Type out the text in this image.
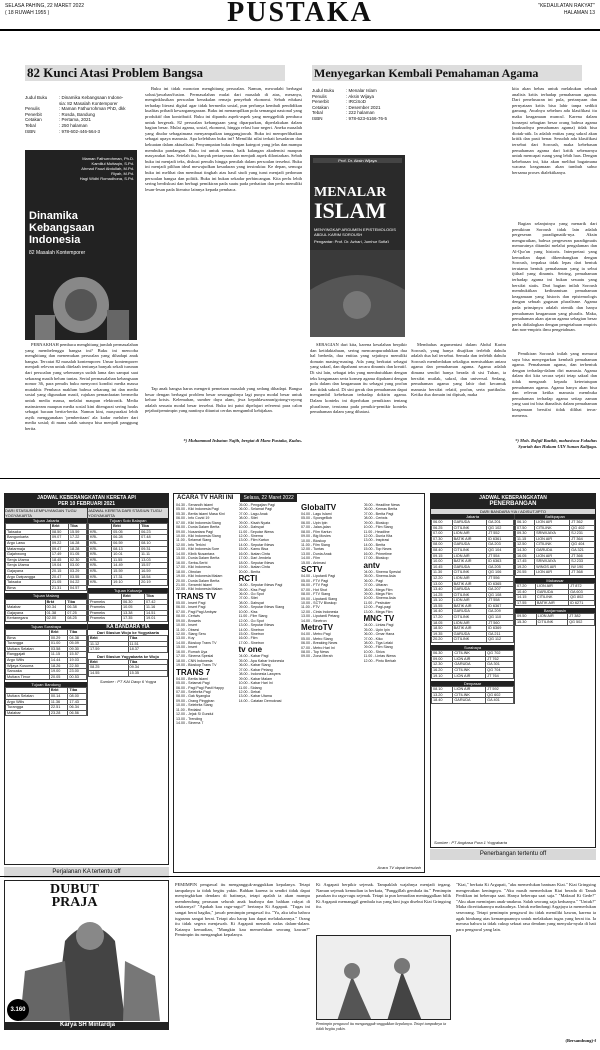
SELASA PAHING, 22 MARET 2022
( 18 RUWAH 1955 )	PUSTAKA	"KEDAULATAN RAKYAT"
HALAMAN 13
82 Kunci Atasi Problem Bangsa
Judul Buku	: Dinamika Kebangsaan Indone-
sia: 82 Masalah Kontemporer
Penulis	: Maman Fathurrohman PhD, dkk
Penerbit	: Rosda, Bandung
Cetakan	: Pertama, 2021
Tebal	: 250 halaman
ISBN	: 978-602-446-564-3
Maman Fathurrohman, Ph.D.
Kamillul Muttaqin, S.Pd.
Ahmad Fauzi Abdullah, M.Pd.
Riyah, M.Pd.
Hagi Widhi Romadhona, S.Pd.
Dinamika
Kebangsaan
Indonesia
82 Masalah Kontemporer
PERNAKHAH pembaca menghitung jumlah permasalahan yang membelenggu bangsa ini? Buku ini mencoba menghitung dan menemukan persoalan yang dihadapi anak bangsa. Tercatat 82 masalah kontemporer. Unsur kontemporer menjadi relevan untuk ditelaah tentunya banyak sekali turunan dari persoalan yang sebenarnya sudah lama dan sampai saat sekarang masih belum tuntas. Serial permasalahan kebangsaan nomor 36, para penulis buku menyorot kondisi media massa mutakhir. Pembaca maklum bahwa sekarang ini dan media sosial yang digunakan masif, rujukan pemanfaatan bermedia untuk media massa, melalui maupun elektronik. Media mainstream maupun media sosial kini ditengarai sering hoaks sebagai bacaan berita-berita. Namun kini, masyarakat lebih asyik menggunakan 'pemberitaan' ala kadar meluber dari media sosial; di mana salah satunya bisa menjadi panggung berita.
Buku ini tidak monoton menghitung persoalan. Namun, mewadahi berbagai solusi/jawaban/fusion. Permasalahan mulai dari masalah di atas, mesanya, menginklusikan persoalan kenakalan remaja penyebab ekonomi. Sebab edukasi terhadap literasi digital agar tidak bermedia sosial, pun perlunya kembali pendidikan kualitas pribadi kewarganegaraan. Buku ini menampilkan pola semangat nasional yang produktif dan kontributif. Buku ini dipandu aspek-aspek yang menggelitik pembaca untuk bergerak. 82 persoalan kebangsaan yang diparparkan, diperlakukan dalam bagian besar. Mulai agama, sosial, ekonomi, hingga relasi luar negeri. Aneka masalah yang diudar sebagaimana menyampaikan tanggungjawab. Buku ini memperlihatkan sebagai upaya manusia. Apa kelebihan buku ini? Memiliki nilai terkait kesadaran dan kekuatan dalam aktualisasi. Penyampaian buku dengan kategori yang jelas dan mampu membuka pandangan. Buku ini untuk semua, baik kalangan akademisi maupun masyarakat luas. Setelah itu, banyak pertanyaan dan menjadi aspek dilontarkan. Sebab buku ini menjadi teks, diskusi penulis hingga pemilah dalam persoalan tersebut. Buku ini menjadi pilihan ideal mewujudkan kesadaran yang terstruktur. Ke depan, semoga buku ini melihat dan membuat tingkah atas hasil studi yang turut menjadi pedoman persoalan bangsa dan politik. Buku ini bukan sekadar perbincangan. Kita perlu lebih sering berdiskusi dan berbagi pemikiran pada suatu pada perhatian dan perlu memiliki lesan-lesan pada literatur lainnya kepada pembaca.
Tap anak bangsa harus mengerti pemetaan masalah yang sedang dihadapi. Bangsa besar dengan berbagai problem besar sesungguhnya lagi punya modal besar untuk keluar krisis. Kelemahan, sumber daya alam, jiwa kepahlawanan/gotong-royong adalah sesuatu modal besar tersebut. Buku ini patut dipelajari referensi para calon pejabat/pemimpin yang nantinya dituntut cerdas mengambil kebijakan.
*) Muhammad Itsbatun Najih, bergiat di Mara Pustaka, Kudus.
Menyegarkan Kembali Pemahaman Agama
Judul Buku	: Menalar Islam
Penulis	: Aksin Wijaya
Penerbit	: IRCiSoD
Cetakan	: Desember 2021
Tebal	: 222 halaman
ISBN	: 978-623-6166-76-5
Prof. Dr. Aksin Wijaya
MENALAR
ISLAM
MENYINGKAP ARGUMEN EPISTEMOLOGIS ABDUL KARIM SOROUSH
Pengantar: Prof. Dr. Azhari, Jumhur Sofia'i
SEBAGIAN dari kita, karena kesalahan berpikir dan ketidaktahuan, sering mencampuradukkan dua hal berbeda, dua entitas yang sejatinya memiliki domain masing-masing. Ada yang berkutat sebagai yang sakral, dan dipahami secara dinamis dan kreatif. Di sisi lain, sebagai teks yang membutuhkan dengan teks keagamaan serta konsep agama dipahami dengan pola dalam dan keagamaan itu sebagai yang profan dan tidak sakral. Di sini gerak dan pemahaman dapat mengambil kebebasan terhadap doktrin agama. Dalam konteks ini diperlukan pemikiran tentang pluralisme, terutama pada pemikir-pemikir konteks pemahaman dalam yang dibatasi.
Membahas argumentasi dalam Abdul Karim Soroush, yang hanya disajikan terlebih dahulu adalah dua hal tersebut. Semula dan terlebih dahulu Soroush membedakan sekaligus memisahkan antara agama dan pemahaman agama. Agama adalah dimana sendiri hanya berada di sisi Tuhan, ia bersifat mutlak, sakral, dan universal. Sedang, pemahaman agama yang lahir dari kecamuk manusia bersifat relatif, profan, serta partikular. Ketika dua domain ini dipisah, maka
kita akan bebas untuk melakukan sebuah analisis kritis terhadap pemahaman agama. Dari penelusuran ini pula, pertanyaan dan pernyataan kritis bisa lahir tanpa sedikit gamang. Awalnya sebelum ada klasifikasi itu maka keagamaan muncul. Karena dalam konsepsi sebagian besar orang bahwa agama (maksudnya pemahaman agama) tidak bisa diotak-atik. Ia adalah entitas yang sakral akan kritik dan pasti benar. Sesudah ada klasifikasi tersebut dari Soroush, maka kebebasan pemahaman agama dari kritik sebenarnya untuk mencapai ruang yang lebih luas. Dengan kebebasan ini, kita akan melihat bagaimana wacana keagamaan akan tumbuh subur bersama proses dialektikanya.
Bagian selanjutnya yang menarik dari pemikiran Soroush tidak lain adalah pergeseran paradigmatik-nya. Aksin menguraikan, bahwa pergeseran paradigmatis menurutnya ditandai melalui pengalaman dan Al-Qur'an yang historis. Interpretasi yang kemudian dapat dikembangkan dengan Soroush, terpaksa tidak lepas dari bentuk terutama bentuk pemahaman yang ia sebut ijtihad yang dinamis. Seiring, pemahaman terhadap agama ini bukan sesuatu yang bersifat statis. Dari bagian inilah Soroush membuktikan kedinamisan pemahaman keagamaan yang historis dan epistemologis dengan sebuah gagasan pluralisme. Agama pada prinsipnya adalah otentik dan hanya pemahaman keagamaan yang pluralis. Maka, pemahaman akan ajaran agama sebagian besar perlu didialogkan dengan pengetahuan empiris dan non-empiris ilmu pengetahuan.
Pemikiran Soroush inilah yang menurut saya bisa menyegarkan kembali pemahaman agama. Pemahaman agama, dan terbentuk dengan terhadap-dalam diri manusia. Agama dalam diri kita secara sejati tetap sakral dan tidak mengarah kepada ketertutupan pemahaman agama. Agama hanya akan bisa dan relevan ketika manusia membuka pemahaman terhadap agama setiap zaman yang saat ini bisa dianalisis dalam pemahaman keagamaan bersifat tidak dilihat terus-menerus.
*) Moh. Rofqil Bazikh, mahasiswa Fakultas Syariah dan Hukum UIN Sunan Kalijaga.
JADWAL KEBERANGKATAN KERETA API
PER 10 FEBRUARI 2021
DARI STASIUN LEMPUYANGAN TUGU YOGYAKARTA
JADWAL KERETA DARI STASIUN TUGU YOGYAKARTA
Tujuan Jakarta
	Brkt	Tiba
Taksaka	08.50	15.59
Bangunkarta	09.07	17.22
Argo Lawu	09.22	16.28
Matarmaja	09.47	18.28
Gajahwong	17.49	01.05
Senja Utama	18.45	02.30
Senja Utama	19.04	03.00
Gajayana	20.15	03.29
Argo Dwipangga	20.47	03.55
Taksaka	21.05	04.22
Bima	21.31	04.57
Tujuan Malang
	Brkt	Tiba
Malabar	00.34	06.38
Gajayana	01.38	07.25
Kertanegara	02.00	08.25
Tujuan Surabaya
	Brkt	Tiba
Bima	00.29	04.38
Turangga	01.00	05.09
Mutiara Selatan	03.58	09.30
Ranggajati	11.15	15.57
Argo Wilis	14.44	19.03
Wijaya Kusuma	18.26	22.50
Sancaka	19.00	23.00
Mutiara Timur	20.05	00.53
Tujuan Bandung
	Brkt	Tiba
Mutiara Selatan	00.14	08.00
Argo Wilis	11.36	17.43
Turangga	22.51	06.34
Malabar	23.28	06.56
Tujuan Solo Balapan
	Brkt	Tiba
KRL	05.05	06.23
KRL	06.28	07.48
KRL	06.59	08.10
KRL	08.13	09.31
KRL	10.01	11.11
KRL	11.55	13.03
KRL	14.49	15.57
KRL	15.59	16.59
KRL	17.31	18.54
KRL	19.10	20.19
Tujuan Kutoarjo
	Brkt	Tiba
Prameks	06.30	07.42
Prameks	10.05	11.16
Prameks	13.38	14.51
Prameks	17.35	19.01
KA BANDARA YIA
Dari Stasiun Wojo ke Yogyakarta
Brkt	Tiba
11.12	11.51
17.59	18.37
Dari Stasiun Yogyakarta ke Wojo
Brkt	Tiba
08.25	09.34
14.55	15.35
Sumber : PT KAI Daop 6 Yogya
Perjalanan KA tertentu off
ACARA TV HARI INI	Selasa, 22 Maret 2022

04.30 - Senandh Islami

05.00 - Kiki Indonesia Pagi

05.30 - Berita Islami Masa Kini

06.00 - Info Covid 19

07.00 - Kiki Indonesia Siang

08.00 - Dunia Dalam Berita

09.00 - Nusantara Pagi

10.00 - Kiki Indonesia Siang

11.00 - Selamat Siang

12.00 - Info Terkini

13.00 - Kiki Indonesia Sore

14.00 - Klinik Nusantara

15.00 - Dunia Dalam Berita

16.00 - Serba-Serbi

17.00 - Kiki Indonesia

18.00 - Obrolan

19.00 - Kiki Indonesia Malam

20.00 - Dunia Dalam Berita

21.00 - Serambi Islami

22.00 - Kiki Indonesia Malam

TRANS TV

05.00 - Insert Pagi

06.00 - Insert Pagi

07.00 - Pagi Pagi Ambyar

08.00 - Ceriwis

09.00 - Brownis

10.00 - Insert

11.00 - Obsesi

12.00 - Siang Seru

13.00 - Kuy

14.00 - Bioskop Trans TV

15.00 - Insert

16.00 - Rumah Uya

17.00 - Sinema Spesial

18.00 - CNN Indonesia

19.00 - Bioskop Trans TV

TRANS 7

04.00 - Berita Islami

05.00 - Selamat Pagi

06.00 - Pagi Pagi Pasti Happy

07.00 - Selebrita Pagi

08.00 - Gak Nyangka

09.00 - Orang Pinggiran

10.00 - Selebrita Siang

11.00 - Redaksi

12.00 - Jejak Si Gundul

13.00 - Trending

14.00 - Sinema 7

05.00 - Pengajian Pagi

06.00 - Selamat Pagi

07.00 - Lagu Anak

08.00 - Silet

09.00 - Kisah Nyata

10.00 - Dahsyat

11.00 - Seputar iNews

12.00 - Sinema

13.00 - Film Kartun

14.00 - Seputar iNews

15.00 - Kamu Bisa

16.00 - Ikatan Cinta

17.00 - Dari Jendela

18.00 - Seputar iNews

19.00 - Ikatan Cinta

20.00 - Berita

RCTI

04.00 - Seputar iNews Pagi

05.00 - Kiss Pagi

06.00 - Go Spot

07.00 - Silet

08.00 - Dahsyat

09.00 - Seputar iNews Siang

10.00 - Kiss

11.00 - Film Siang

12.00 - Go Spot

13.00 - Seputar iNews

14.00 - Sinetron

15.00 - Sinetron

16.00 - Film

17.00 - Sinetron

tv one

04.00 - Kabar Pagi

05.00 - Apa Kabar Indonesia

06.00 - Kabar Siang

07.00 - Kabar Petang

08.00 - Indonesia Lawyers

09.00 - Kabar Malam

10.00 - Kabar Hari Ini

11.00 - Sidang

12.00 - Debat

13.00 - Kabar Utama

14.00 - Catatan Demokrasi

GlobalTV

04.00 - Lagu Islami

05.00 - SpongeBob

06.00 - Upin Ipin

07.00 - Jalan-jalan

08.00 - Film Kartun

09.00 - Big Movies

10.00 - Bioskop

11.00 - Film Siang

12.00 - Tuntas

13.00 - Dunia Anak

14.00 - Film

15.00 - Animasi

SCTV

04.00 - Liputan6 Pagi

05.00 - FTV Pagi

06.00 - FTV Pagi

07.00 - Hot Shot

08.00 - FTV Siang

09.00 - Liputan6 Siang

10.00 - SCTV Bioskop

11.00 - FTV

12.00 - Cinta Indonesia

13.00 - Liputan6 Petang

14.00 - Sinetron

MetroTV

04.00 - Metro Pagi

05.00 - Metro Siang

06.00 - Breaking News

07.00 - Metro Hari Ini

08.00 - Top News

09.00 - Zona Merah

05.00 - Headline News

06.00 - Kemas Berita

07.00 - Berita Pagi

08.00 - Ceriwis

09.00 - Bioskop

10.00 - Film Siang

11.00 - Headline

12.00 - Dunia Kita

13.00 - Inspirasi

14.00 - Berita

15.00 - Top News

16.00 - Primetime

17.00 - Bioskop

antv

04.00 - Sinema Spesial

05.00 - Sinema Asia

06.00 - Pagi

07.00 - Uttaran

08.00 - Mega Film

09.00 - Mega Film

10.00 - Sinema Asia

11.00 - Pesbuker

12.00 - Pagi-pagi

13.00 - Mega Film

MNC TV

04.00 - Lintas Pagi

05.00 - Upin Ipin

06.00 - Omar Hana

07.00 - Kiko

08.00 - Tiga Lelaki

09.00 - Film Siang

10.00 - Shiva

11.00 - Lintas iNews

12.00 - Pintu Berkah

Acara TV dapat berubah
JADWAL KEBERANGKATAN
PENERBANGAN
DARI BANDARA YIA / ADISUTJIPTO
Jakarta
06.00	GARUDA	GA 201
06.25	CITILINK	QG 102
07.00	LION AIR	JT 552
07.30	BATIK AIR	ID 6361
08.00	GARUDA	GA 203
08.40	CITILINK	QG 104
09.15	LION AIR	JT 554
10.00	BATIK AIR	ID 6363
10.45	GARUDA	GA 205
11.30	CITILINK	QG 106
12.20	LION AIR	JT 556
13.00	BATIK AIR	ID 6365
13.40	GARUDA	GA 207
14.25	CITILINK	QG 108
15.10	LION AIR	JT 558
15.55	BATIK AIR	ID 6367
16.40	GARUDA	GA 209
17.20	CITILINK	QG 110
18.05	LION AIR	JT 560
18.50	BATIK AIR	ID 6369
19.35	GARUDA	GA 211
20.20	CITILINK	QG 112
Surabaya
06.30	CITILINK	QG 702
09.00	LION AIR	JT 762
12.30	GARUDA	GA 301
16.20	CITILINK	QG 704
19.10	LION AIR	JT 764
Denpasar
08.10	LION AIR	JT 592
13.20	CITILINK	QG 602
18.40	GARUDA	GA 401
Balikpapan
06.10	LION AIR	JT 362
07.50	CITILINK	QG 402
09.30	SRIWIJAYA	SJ 231
11.15	LION AIR	JT 364
12.50	CITILINK	QG 404
14.30	GARUDA	GA 321
16.05	LION AIR	JT 366
17.45	SRIWIJAYA	SJ 233
19.20	WINGS AIR	IW 190
20.55	LION AIR	JT 368
Makassar
07.20	LION AIR	JT 872
10.40	GARUDA	GA 603
14.15	CITILINK	QG 802
17.55	BATIK AIR	ID 6271
Banjarmasin
09.50	LION AIR	JT 382
15.30	CITILINK	QG 502
Sumber : PT Angkasa Pura 1 Yogyakarta
Penerbangan tertentu off
DUBUT
PRAJA
3.160
Karya SH Mintardja
PEMIMPIN pengawal itu mengangguk-anggukkan kepalanya. Tetapi tampaknya ia tidak begitu yakin. Bahkan karena ia sendiri tidak dapat menyingkirkan dendam di batinnya, tetapi apalah ia akan mampu membendung perasaan seluruh anak buahnya dan bahkan rakyat di sekitarnya? "Apakah kau ragu-ragu?" bertanya Ki Argapati. "Tugas ini sangat berat bagiku," jawab pemimpin pengawal itu. "Ya, aku tahu bahwa tugasmu sangat berat. Tetapi aku harap kau dapat melakukannya." Orang itu tidak segera menjawab. Ki Argapati menarik nafas dalam-dalam. Katanya kemudian, "Mungkin kau memerlukan seorang kawan?" Pemimpin itu mengangkat kepalanya.
Ki Argapati berpikir sejenak. Tampaklah wajahnya menjadi tegang. Namun sejenak kemudian ia berkata, "Panggillah gembala itu." Pemimpin pasukan itu ragu-ragu sejenak. Tetapi ia pun kemudian meninggalkan bilik Ki Argapati memanggil gembala tua yang kini juga disebut Kiai Gringsing itu.
Pemimpin pengawal itu mengangguk-anggukkan kepalanya. Tetapi tampaknya ia tidak begitu yakin.
"Kiai," berkata Ki Argapati, "aku memerlukan bantuan Kiai." Kiai Gringsing mengerutkan keningnya. "Aku masih memerlukan Kiai berada di Tanah Perdikan ini beberapa saat. Hanya beberapa saat saja." "Maksud Ki Gede?" "Aku akan meminjam anak-anakmu. Salah seorang saja keduanya." "Untuk?" Maka diceritakannya maksudnya. Untuk melindungi Argajaya ia memerlukan seseorang. Tetapi pemimpin pengawal itu tidak memiliki kawan, karena ia agak bimbang atas kemampuannya untuk melakukan tugas yang berat itu. Ia merasa bahwa ia tidak cukup sekuat rasa dendam yang menyala-nyala di hati para pengawal yang lain.
(Bersambung)-f
